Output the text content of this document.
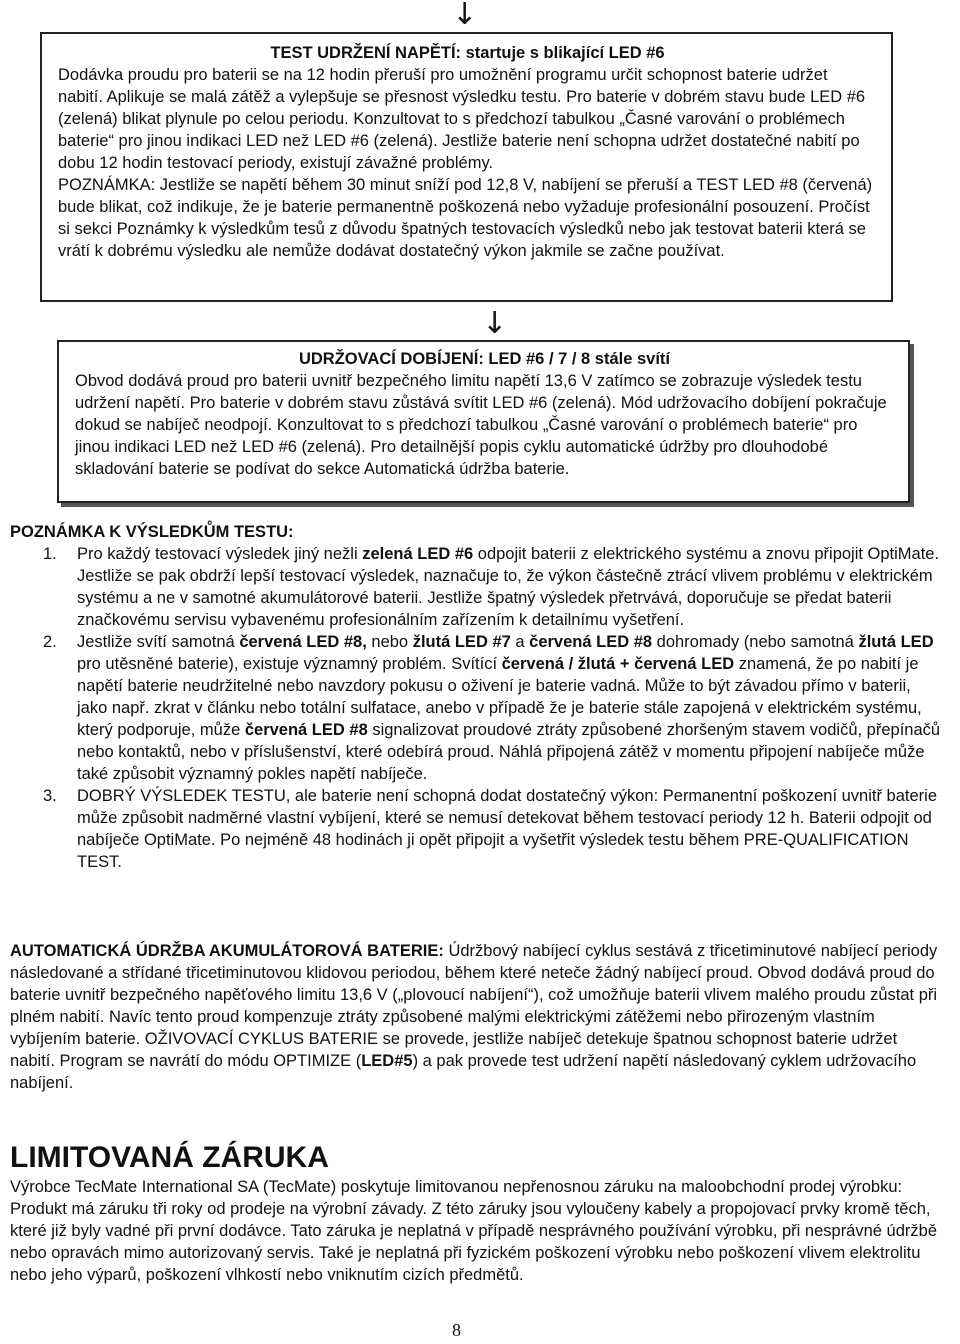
↓

TEST UDRŽENÍ NAPĚTÍ: startuje s blikající LED #6

Dodávka proudu pro baterii se na 12 hodin přeruší pro umožnění programu určit schopnost baterie udržet nabití. Aplikuje se malá zátěž a vylepšuje se přesnost výsledku testu. Pro baterie v dobrém stavu bude LED #6 (zelená) blikat plynule po celou periodu. Konzultovat to s předchozí tabulkou „Časné varování o problémech baterie“ pro jinou indikaci LED než LED #6 (zelená). Jestliže baterie není schopna udržet dostatečné nabití po dobu 12 hodin testovací periody, existují závažné problémy.

POZNÁMKA: Jestliže se napětí během 30 minut sníží pod 12,8 V, nabíjení se přeruší a TEST LED #8 (červená) bude blikat, což indikuje, že je baterie permanentně poškozená nebo vyžaduje profesionální posouzení. Pročíst si sekci Poznámky k výsledkům tesů z důvodu špatných testovacích výsledků nebo jak testovat baterii která se vrátí k dobrému výsledku ale nemůže dodávat dostatečný výkon jakmile se začne používat.

↓

UDRŽOVACÍ DOBÍJENÍ: LED #6 / 7 / 8 stále svítí

Obvod dodává proud pro baterii uvnitř bezpečného limitu napětí 13,6 V zatímco se zobrazuje výsledek testu udržení napětí. Pro baterie v dobrém stavu zůstává svítit LED #6 (zelená). Mód udržovacího dobíjení pokračuje dokud se nabíječ neodpojí. Konzultovat to s předchozí tabulkou „Časné varování o problémech baterie“ pro jinou indikaci LED než LED #6 (zelená). Pro detailnější popis cyklu automatické údržby pro dlouhodobé skladování baterie se podívat do sekce Automatická údržba baterie.

POZNÁMKA K VÝSLEDKŮM TESTU:

1. Pro každý testovací výsledek jiný nežli zelená LED #6 odpojit baterii z elektrického systému a znovu připojit OptiMate. Jestliže se pak obdrží lepší testovací výsledek, naznačuje to, že výkon částečně ztrácí vlivem problému v elektrickém systému a ne v samotné akumulátorové baterii. Jestliže špatný výsledek přetrvává, doporučuje se předat baterii značkovému servisu vybavenému profesionálním zařízením k detailnímu vyšetření.
2. Jestliže svítí samotná červená LED #8, nebo žlutá LED #7 a červená LED #8 dohromady (nebo samotná žlutá LED pro utěsněné baterie), existuje významný problém. Svítící červená / žlutá + červená LED znamená, že po nabití je napětí baterie neudržitelné nebo navzdory pokusu o oživení je baterie vadná. Může to být závadou přímo v baterii, jako např. zkrat v článku nebo totální sulfatace, anebo v případě že je baterie stále zapojená v elektrickém systému, který podporuje, může červená LED #8 signalizovat proudové ztráty způsobené zhoršeným stavem vodičů, přepínačů nebo kontaktů, nebo v příslušenství, které odebírá proud. Náhlá připojená zátěž v momentu připojení nabíječe může také způsobit významný pokles napětí nabíječe.
3. DOBRÝ VÝSLEDEK TESTU, ale baterie není schopná dodat dostatečný výkon: Permanentní poškození uvnitř baterie může způsobit nadměrné vlastní vybíjení, které se nemusí detekovat během testovací periody 12 h. Baterii odpojit od nabíječe OptiMate. Po nejméně 48 hodinách ji opět připojit a vyšetřit výsledek testu během PRE-QUALIFICATION TEST.

AUTOMATICKÁ ÚDRŽBA AKUMULÁTOROVÁ BATERIE: Údržbový nabíjecí cyklus sestává z třicetiminutové nabíjecí periody následované a střídané třicetiminutovou klidovou periodou, během které neteče žádný nabíjecí proud. Obvod dodává proud do baterie uvnitř bezpečného napěťového limitu 13,6 V („plovoucí nabíjení“), což umožňuje baterii vlivem malého proudu zůstat při plném nabití. Navíc tento proud kompenzuje ztráty způsobené malými elektrickými zátěžemi nebo přirozeným vlastním vybíjením baterie. OŽIVOVACÍ CYKLUS BATERIE se provede, jestliže nabíječ detekuje špatnou schopnost baterie udržet nabití. Program se navrátí do módu OPTIMIZE (LED#5) a pak provede test udržení napětí následovaný cyklem udržovacího nabíjení.

LIMITOVANÁ ZÁRUKA

Výrobce TecMate International SA (TecMate) poskytuje limitovanou nepřenosnou záruku na maloobchodní prodej výrobku: Produkt má záruku tři roky od prodeje na výrobní závady. Z této záruky jsou vyloučeny kabely a propojovací prvky kromě těch, které již byly vadné při první dodávce. Tato záruka je neplatná v případě nesprávného používání výrobku, při nesprávné údržbě nebo opravách mimo autorizovaný servis. Také je neplatná při fyzickém poškození výrobku nebo poškození vlivem elektrolitu nebo jeho výparů, poškození vlhkostí nebo vniknutím cizích předmětů.

8
